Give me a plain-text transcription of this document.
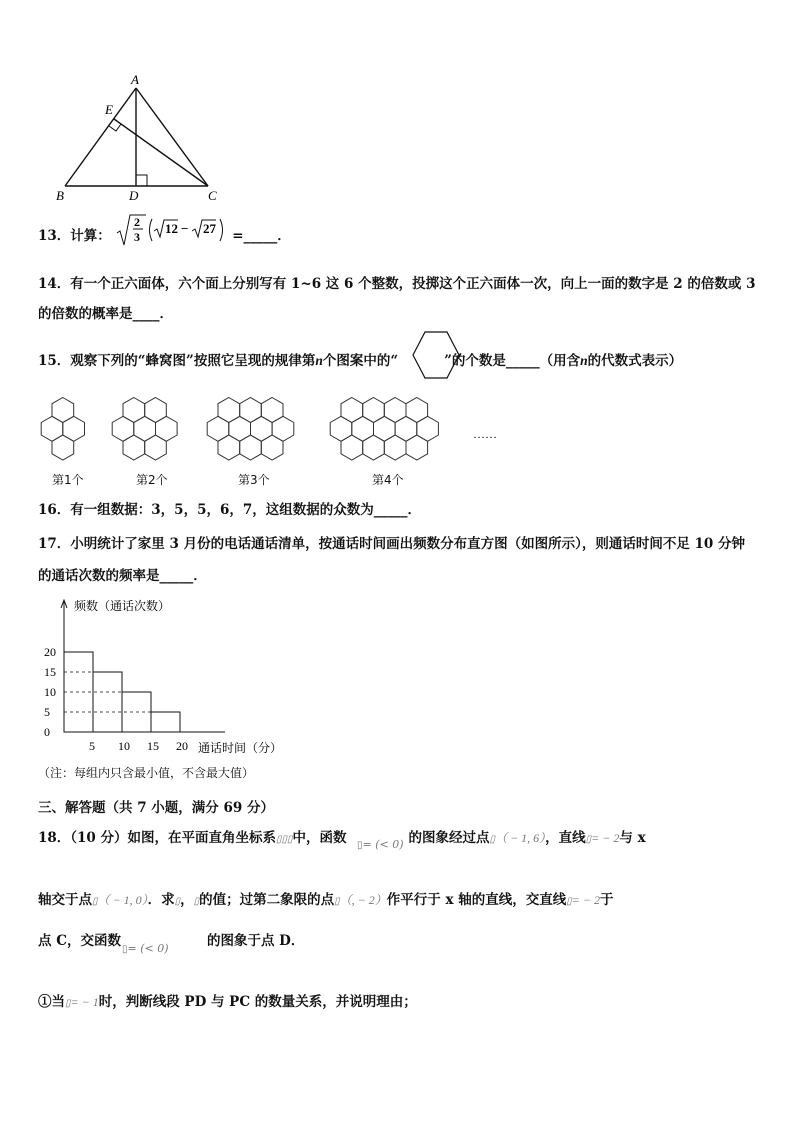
A
E
B	D	C
13．计算：
2
3
12 − 27 =_____．
14．有一个正六面体，六个面上分别写有 1~6 这 6 个整数，投掷这个正六面体一次，向上一面的数字是 2 的倍数或 3
的倍数的概率是____．
15．观察下列的“蜂窝图”按照它呈现的规律第n个图案中的“	”的个数是_____（用含n的代数式表示）
……
第1个	第2个	第3个	第4个
16．有一组数据：3，5，5，6，7，这组数据的众数为_____．
17．小明统计了家里 3 月份的电话通话清单，按通话时间画出频数分布直方图（如图所示），则通话时间不足 10 分钟
的通话次数的频率是_____．
0
5
10
15
20
5 10 15 20
频数（通话次数）
通话时间（分）
（注：每组内只含最小值，不含最大值）
三、解答题（共 7 小题，满分 69 分）
18．（10 分）如图，在平面直角坐标系▯▯▯中，函数	的图象经过点▯（ − 1, 6），直线▯= − 2与 x
▯= (< 0)
轴交于点▯（ − 1, 0）．求▯，▯的值；过第二象限的点▯（, − 2）作平行于 x 轴的直线，交直线▯= − 2于
点 C，交函数	的图象于点 D．
▯= (< 0)
①当▯= − 1时，判断线段 PD 与 PC 的数量关系，并说明理由；
